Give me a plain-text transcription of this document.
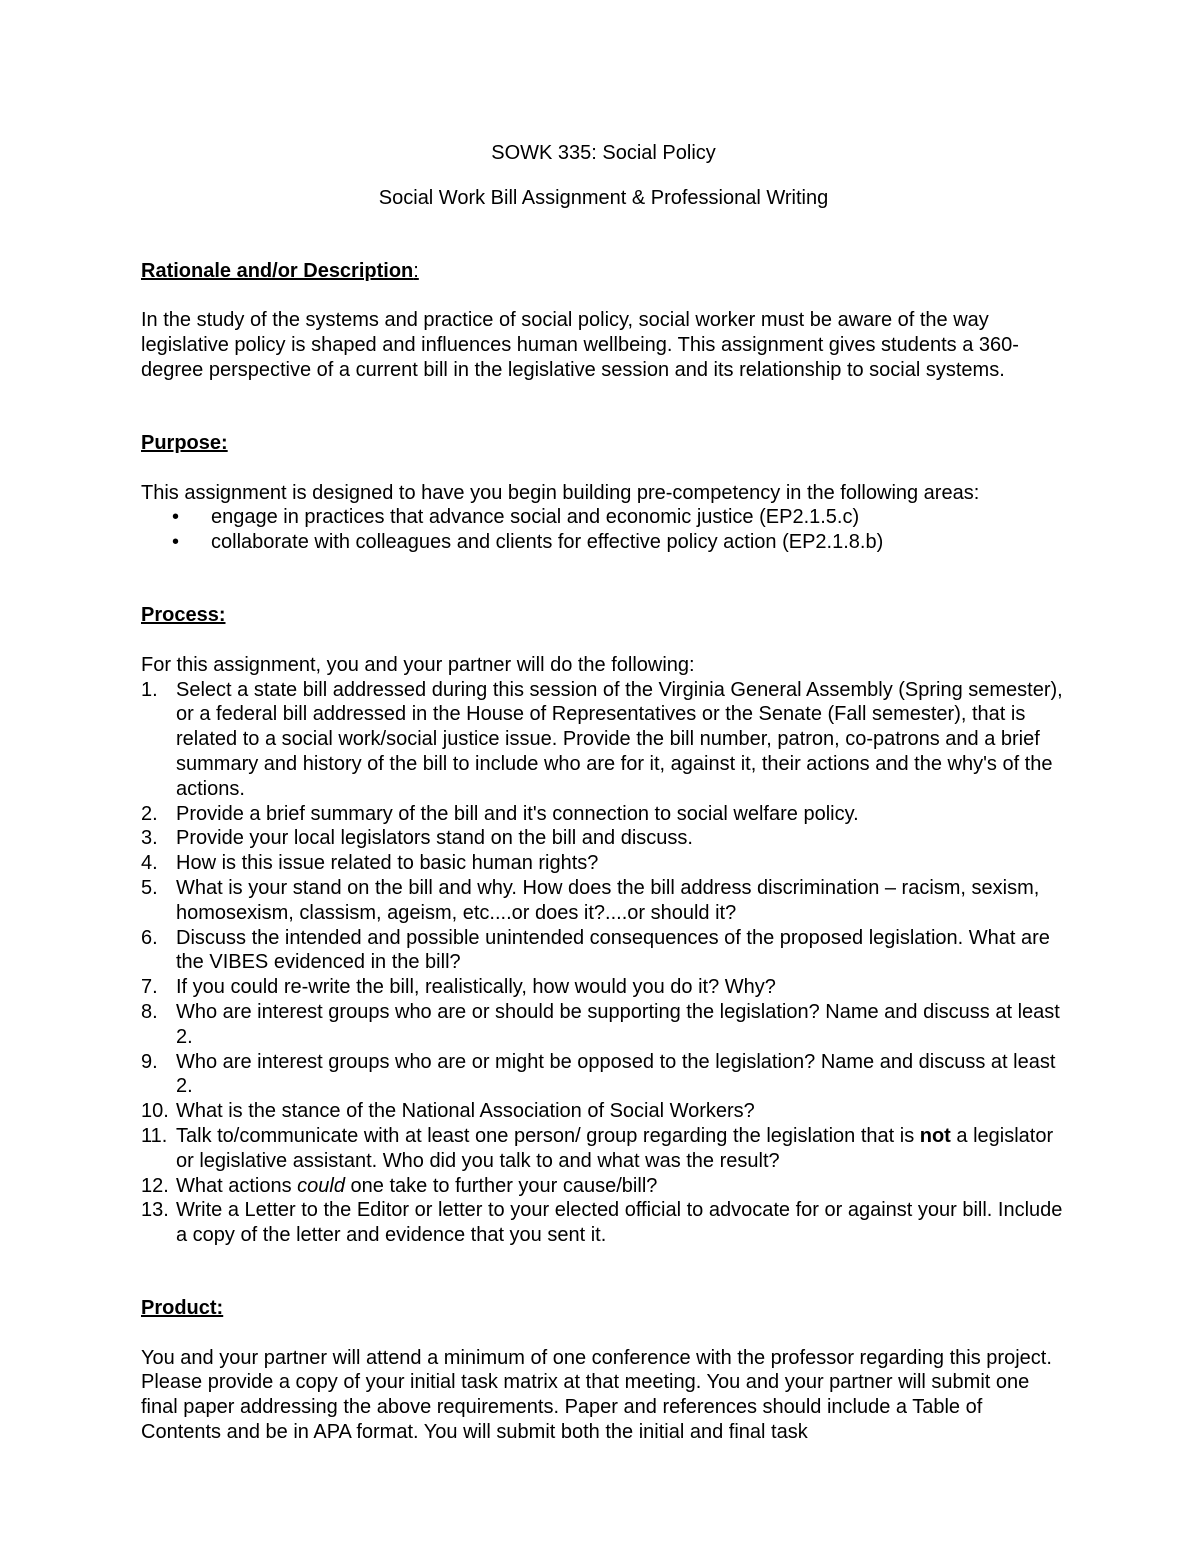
SOWK 335: Social Policy
Social Work Bill Assignment & Professional Writing
Rationale and/or Description:
In the study of the systems and practice of social policy, social worker must be aware of the way legislative policy is shaped and influences human wellbeing. This assignment gives students a 360-degree perspective of a current bill in the legislative session and its relationship to social systems.
Purpose:
This assignment is designed to have you begin building pre-competency in the following areas:
• engage in practices that advance social and economic justice (EP2.1.5.c)
• collaborate with colleagues and clients for effective policy action (EP2.1.8.b)
Process:
For this assignment, you and your partner will do the following:
1. Select a state bill addressed during this session of the Virginia General Assembly (Spring semester), or a federal bill addressed in the House of Representatives or the Senate (Fall semester), that is related to a social work/social justice issue. Provide the bill number, patron, co-patrons and a brief summary and history of the bill to include who are for it, against it, their actions and the why's of the actions.
2. Provide a brief summary of the bill and it's connection to social welfare policy.
3. Provide your local legislators stand on the bill and discuss.
4. How is this issue related to basic human rights?
5. What is your stand on the bill and why. How does the bill address discrimination – racism, sexism, homosexism, classism, ageism, etc....or does it?....or should it?
6. Discuss the intended and possible unintended consequences of the proposed legislation. What are the VIBES evidenced in the bill?
7. If you could re-write the bill, realistically, how would you do it? Why?
8. Who are interest groups who are or should be supporting the legislation? Name and discuss at least 2.
9. Who are interest groups who are or might be opposed to the legislation? Name and discuss at least 2.
10. What is the stance of the National Association of Social Workers?
11. Talk to/communicate with at least one person/ group regarding the legislation that is not a legislator or legislative assistant. Who did you talk to and what was the result?
12. What actions could one take to further your cause/bill?
13. Write a Letter to the Editor or letter to your elected official to advocate for or against your bill. Include a copy of the letter and evidence that you sent it.
Product:
You and your partner will attend a minimum of one conference with the professor regarding this project. Please provide a copy of your initial task matrix at that meeting. You and your partner will submit one final paper addressing the above requirements. Paper and references should include a Table of Contents and be in APA format. You will submit both the initial and final task
